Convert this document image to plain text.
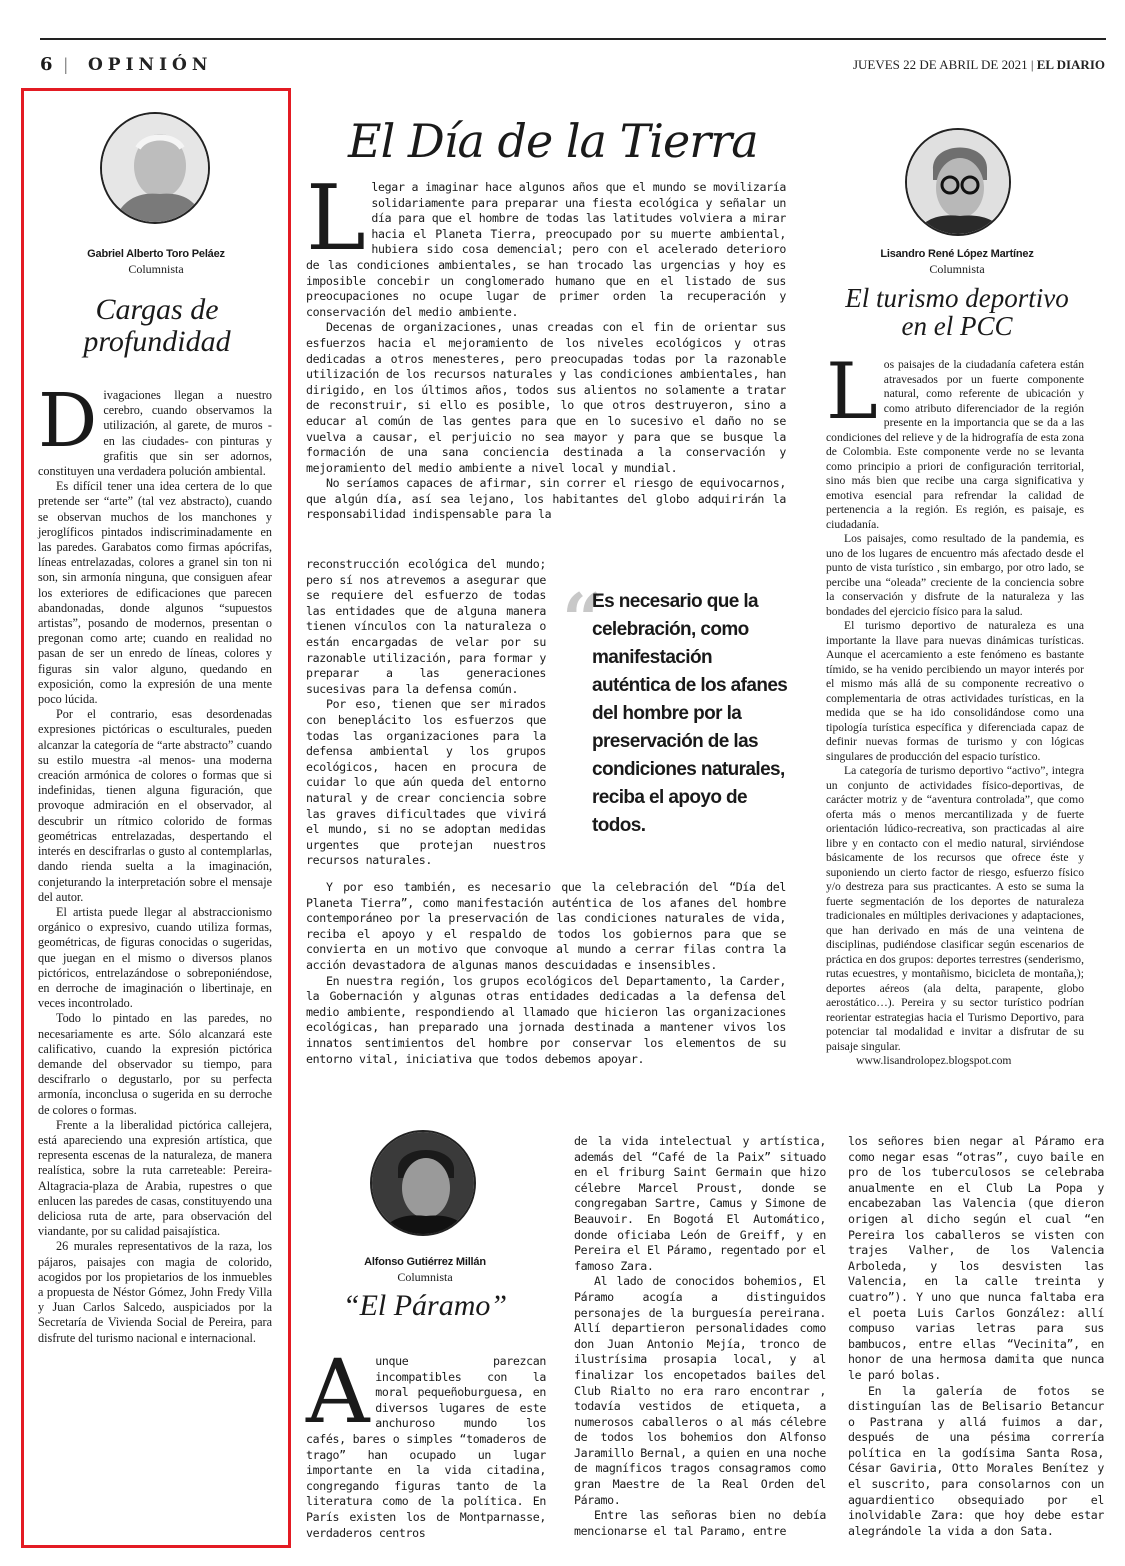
6 | OPINIÓN	JUEVES 22 DE ABRIL DE 2021 | EL DIARIO
Gabriel Alberto Toro Peláez
Columnista
Cargas de profundidad

Divagaciones llegan a nuestro cerebro, cuando observamos la utilización, al garete, de muros -en las ciudades- con pinturas y grafitis que sin ser adornos, constituyen una verdadera polución ambiental.

Es difícil tener una idea certera de lo que pretende ser “arte” (tal vez abstracto), cuando se observan muchos de los manchones y jeroglíficos pintados indiscriminadamente en las paredes. Garabatos como firmas apócrifas, líneas entrelazadas, colores a granel sin ton ni son, sin armonía ninguna, que consiguen afear los exteriores de edificaciones que parecen abandonadas, donde algunos “supuestos artistas”, posando de modernos, presentan o pregonan como arte; cuando en realidad no pasan de ser un enredo de líneas, colores y figuras sin valor alguno, quedando en exposición, como la expresión de una mente poco lúcida.

Por el contrario, esas desordenadas expresiones pictóricas o esculturales, pueden alcanzar la categoría de “arte abstracto” cuando su estilo muestra -al menos- una moderna creación armónica de colores o formas que si indefinidas, tienen alguna figuración, que provoque admiración en el observador, al descubrir un rítmico colorido de formas geométricas entrelazadas, despertando el interés en descifrarlas o gusto al contemplarlas, dando rienda suelta a la imaginación, conjeturando la interpretación sobre el mensaje del autor.

El artista puede llegar al abstraccionismo orgánico o expresivo, cuando utiliza formas, geométricas, de figuras conocidas o sugeridas, que juegan en el mismo o diversos planos pictóricos, entrelazándose o sobreponiéndose, en derroche de imaginación o libertinaje, en veces incontrolado.

Todo lo pintado en las paredes, no necesariamente es arte. Sólo alcanzará este calificativo, cuando la expresión pictórica demande del observador su tiempo, para descifrarlo o degustarlo, por su perfecta armonía, inconclusa o sugerida en su derroche de colores o formas.

Frente a la liberalidad pictórica callejera, está apareciendo una expresión artística, que representa escenas de la naturaleza, de manera realística, sobre la ruta carreteable: Pereira-Altagracia-plaza de Arabia, rupestres o que enlucen las paredes de casas, constituyendo una deliciosa ruta de arte, para observación del viandante, por su calidad paisajística.

26 murales representativos de la raza, los pájaros, paisajes con magia de colorido, acogidos por los propietarios de los inmuebles a propuesta de Néstor Gómez, John Fredy Villa y Juan Carlos Salcedo, auspiciados por la Secretaría de Vivienda Social de Pereira, para disfrute del turismo nacional e internacional.

El Día de la Tierra

Llegar a imaginar hace algunos años que el mundo se movilizaría solidariamente para preparar una fiesta ecológica y señalar un día para que el hombre de todas las latitudes volviera a mirar hacia el Planeta Tierra, preocupado por su muerte ambiental, hubiera sido cosa demencial; pero con el acelerado deterioro de las condiciones ambientales, se han trocado las urgencias y hoy es imposible concebir un conglomerado humano que en el listado de sus preocupaciones no ocupe lugar de primer orden la recuperación y conservación del medio ambiente.

Decenas de organizaciones, unas creadas con el fin de orientar sus esfuerzos hacia el mejoramiento de los niveles ecológicos y otras dedicadas a otros menesteres, pero preocupadas todas por la razonable utilización de los recursos naturales y las condiciones ambientales, han dirigido, en los últimos años, todos sus alientos no solamente a tratar de reconstruir, si ello es posible, lo que otros destruyeron, sino a educar al común de las gentes para que en lo sucesivo el daño no se vuelva a causar, el perjuicio no sea mayor y para que se busque la formación de una sana conciencia destinada a la conservación y mejoramiento del medio ambiente a nivel local y mundial.

No seríamos capaces de afirmar, sin correr el riesgo de equivocarnos, que algún día, así sea lejano, los habitantes del globo adquirirán la responsabilidad indispensable para la

reconstrucción ecológica del mundo; pero sí nos atrevemos a asegurar que se requiere del esfuerzo de todas las entidades que de alguna manera tienen vínculos con la naturaleza o están encargadas de velar por su razonable utilización, para formar y preparar a las generaciones sucesivas para la defensa común.

Por eso, tienen que ser mirados con beneplácito los esfuerzos que todas las organizaciones para la defensa ambiental y los grupos ecológicos, hacen en procura de cuidar lo que aún queda del entorno natural y de crear conciencia sobre las graves dificultades que vivirá el mundo, si no se adoptan medidas urgentes que protejan nuestros recursos naturales.

“
Es necesario que la celebración, como manifestación auténtica de los afanes del hombre por la preservación de las condiciones naturales, reciba el apoyo de todos.

Y por eso también, es necesario que la celebración del “Día del Planeta Tierra”, como manifestación auténtica de los afanes del hombre contemporáneo por la preservación de las condiciones naturales de vida, reciba el apoyo y el respaldo de todos los gobiernos para que se convierta en un motivo que convoque al mundo a cerrar filas contra la acción devastadora de algunas manos descuidadas e insensibles.

En nuestra región, los grupos ecológicos del Departamento, la Carder, la Gobernación y algunas otras entidades dedicadas a la defensa del medio ambiente, respondiendo al llamado que hicieron las organizaciones ecológicas, han preparado una jornada destinada a mantener vivos los innatos sentimientos del hombre por conservar los elementos de su entorno vital, iniciativa que todos debemos apoyar.

Lisandro René López Martínez
Columnista
El turismo deportivo
en el PCC

Los paisajes de la ciudadanía cafetera están atravesados por un fuerte componente natural, como referente de ubicación y como atributo diferenciador de la región presente en la importancia que se da a las condiciones del relieve y de la hidrografía de esta zona de Colombia. Este componente verde no se levanta como principio a priori de configuración territorial, sino más bien que recibe una carga significativa y emotiva esencial para refrendar la calidad de pertenencia a la región. Es región, es paisaje, es ciudadanía.

Los paisajes, como resultado de la pandemia, es uno de los lugares de encuentro más afectado desde el punto de vista turístico , sin embargo, por otro lado, se percibe una “oleada” creciente de la conciencia sobre la conservación y disfrute de la naturaleza y las bondades del ejercicio físico para la salud.

El turismo deportivo de naturaleza es una importante la llave para nuevas dinámicas turísticas. Aunque el acercamiento a este fenómeno es bastante tímido, se ha venido percibiendo un mayor interés por el mismo más allá de su componente recreativo o complementaria de otras actividades turísticas, en la medida que se ha ido consolidándose como una tipología turística específica y diferenciada capaz de definir nuevas formas de turismo y con lógicas singulares de producción del espacio turístico.

La categoría de turismo deportivo “activo”, integra un conjunto de actividades físico-deportivas, de carácter motriz y de “aventura controlada”, que como oferta más o menos mercantilizada y de fuerte orientación lúdico-recreativa, son practicadas al aire libre y en contacto con el medio natural, sirviéndose básicamente de los recursos que ofrece éste y suponiendo un cierto factor de riesgo, esfuerzo físico y/o destreza para sus practicantes. A esto se suma la fuerte segmentación de los deportes de naturaleza tradicionales en múltiples derivaciones y adaptaciones, que han derivado en más de una veintena de disciplinas, pudiéndose clasificar según escenarios de práctica en dos grupos: deportes terrestres (senderismo, rutas ecuestres, y montañismo, bicicleta de montaña,); deportes aéreos (ala delta, parapente, globo aerostático…). Pereira y su sector turístico podrían reorientar estrategias hacia el Turismo Deportivo, para potenciar tal modalidad e invitar a disfrutar de su paisaje singular.

www.lisandrolopez.blogspot.com

Alfonso Gutiérrez Millán
Columnista
“El Páramo”

Aunque parezcan incompatibles con la moral pequeñoburguesa, en diversos lugares de este anchuroso mundo los cafés, bares o simples “tomaderos de trago” han ocupado un lugar importante en la vida citadina, congregando figuras tanto de la literatura como de la política. En París existen los de Montparnasse, verdaderos centros

de la vida intelectual y artística, además del “Café de la Paix” situado en el friburg Saint Germain que hizo célebre Marcel Proust, donde se congregaban Sartre, Camus y Simone de Beauvoir. En Bogotá El Automático, donde oficiaba León de Greiff, y en Pereira el El Páramo, regentado por el famoso Zara.

Al lado de conocidos bohemios, El Páramo acogía a distinguidos personajes de la burguesía pereirana. Allí departieron personalidades como don Juan Antonio Mejía, tronco de ilustrísima prosapia local, y al finalizar los encopetados bailes del Club Rialto no era raro encontrar , todavía vestidos de etiqueta, a numerosos caballeros o al más célebre de todos los bohemios don Alfonso Jaramillo Bernal, a quien en una noche de magníficos tragos consagramos como gran Maestre de la Real Orden del Páramo.

Entre las señoras bien no debía mencionarse el tal Paramo, entre

los señores bien negar al Páramo era como negar esas “otras”, cuyo baile en pro de los tuberculosos se celebraba anualmente en el Club La Popa y encabezaban las Valencia (que dieron origen al dicho según el cual “en Pereira los caballeros se visten con trajes Valher, de los Valencia Arboleda, y los desvisten las Valencia, en la calle treinta y cuatro”). Y uno que nunca faltaba era el poeta Luis Carlos González: allí compuso varias letras para sus bambucos, entre ellas “Vecinita”, en honor de una hermosa damita que nunca le paró bolas.

En la galería de fotos se distinguían las de Belisario Betancur o Pastrana y allá fuimos a dar, después de una pésima correría política en la godísima Santa Rosa, César Gaviria, Otto Morales Benítez y el suscrito, para consolarnos con un aguardientico obsequiado por el inolvidable Zara: que hoy debe estar alegrándole la vida a don Sata.
